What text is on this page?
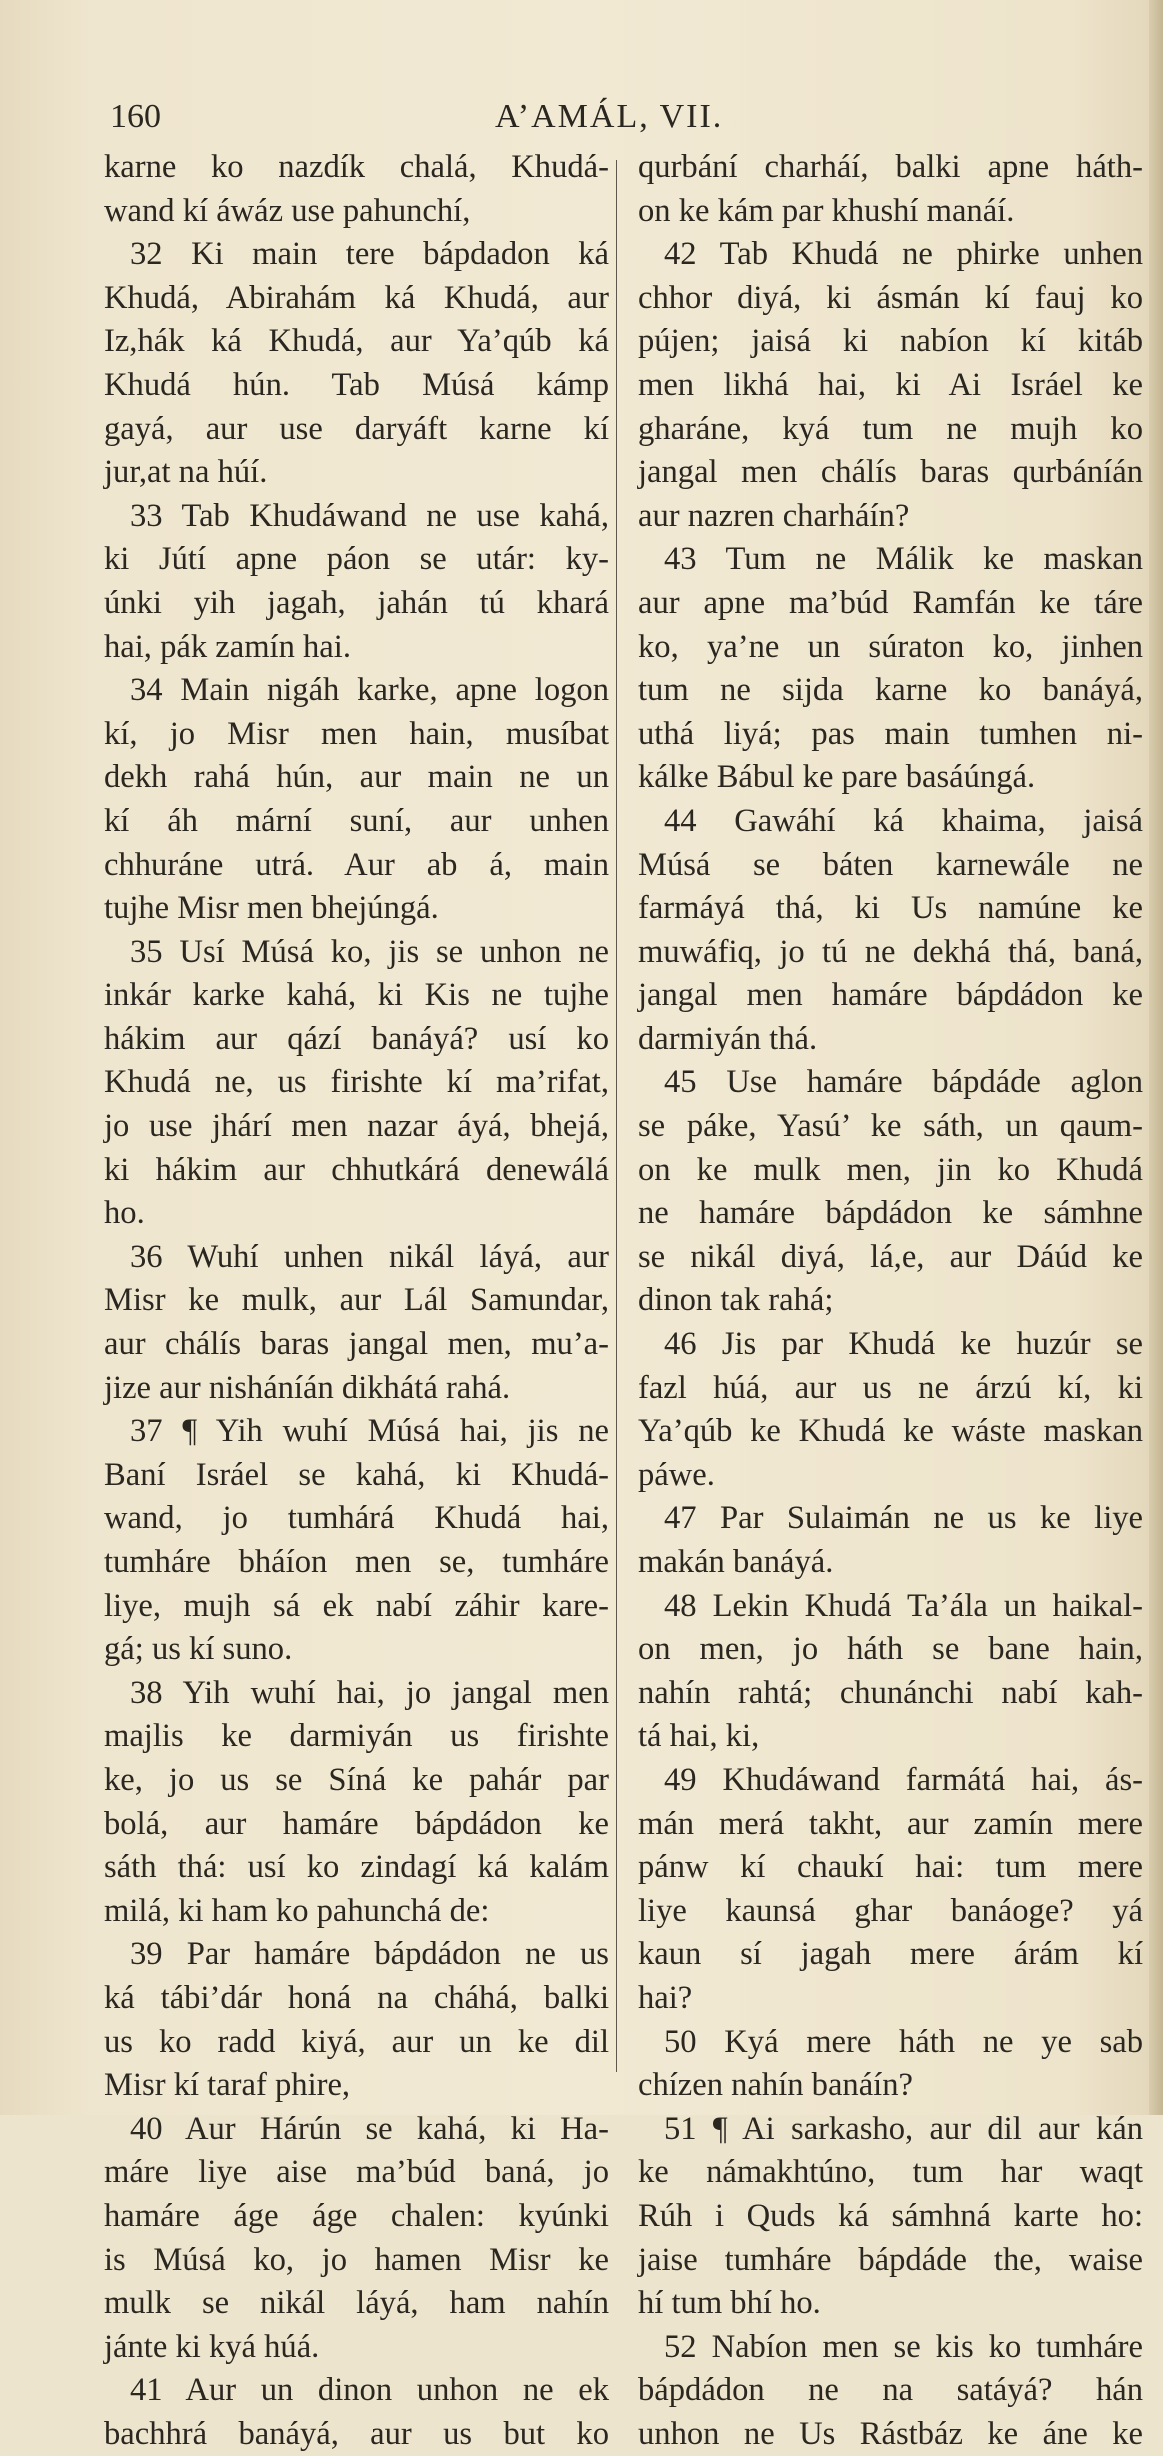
160	A’AMÁL, VII.
karne ko nazdík chalá, Khudá-
wand kí áwáz use pahunchí,
32 Ki main tere bápdadon ká
Khudá, Abirahám ká Khudá, aur
Iz,hák ká Khudá, aur Ya’qúb ká
Khudá hún. Tab Músá kámp
gayá, aur use daryáft karne kí
jur,at na húí.
33 Tab Khudáwand ne use kahá,
ki Jútí apne páon se utár: ky-
únki yih jagah, jahán tú khará
hai, pák zamín hai.
34 Main nigáh karke, apne logon
kí, jo Misr men hain, musíbat
dekh rahá hún, aur main ne un
kí áh mární suní, aur unhen
chhuráne utrá. Aur ab á, main
tujhe Misr men bhejúngá.
35 Usí Músá ko, jis se unhon ne
inkár karke kahá, ki Kis ne tujhe
hákim aur qází banáyá? usí ko
Khudá ne, us firishte kí ma’rifat,
jo use jhárí men nazar áyá, bhejá,
ki hákim aur chhutkárá denewálá
ho.
36 Wuhí unhen nikál láyá, aur
Misr ke mulk, aur Lál Samundar,
aur chálís baras jangal men, mu’a-
jize aur nisháníán dikhátá rahá.
37 ¶ Yih wuhí Músá hai, jis ne
Baní Isráel se kahá, ki Khudá-
wand, jo tumhárá Khudá hai,
tumháre bháíon men se, tumháre
liye, mujh sá ek nabí záhir kare-
gá; us kí suno.
38 Yih wuhí hai, jo jangal men
majlis ke darmiyán us firishte
ke, jo us se Síná ke pahár par
bolá, aur hamáre bápdádon ke
sáth thá: usí ko zindagí ká kalám
milá, ki ham ko pahunchá de:
39 Par hamáre bápdádon ne us
ká tábi’dár honá na cháhá, balki
us ko radd kiyá, aur un ke dil
Misr kí taraf phire,
40 Aur Hárún se kahá, ki Ha-
máre liye aise ma’búd baná, jo
hamáre áge áge chalen: kyúnki
is Músá ko, jo hamen Misr ke
mulk se nikál láyá, ham nahín
jánte ki kyá húá.
41 Aur un dinon unhon ne ek
bachhrá banáyá, aur us but ko
qurbání charháí, balki apne háth-
on ke kám par khushí manáí.
42 Tab Khudá ne phirke unhen
chhor diyá, ki ásmán kí fauj ko
pújen; jaisá ki nabíon kí kitáb
men likhá hai, ki Ai Isráel ke
gharáne, kyá tum ne mujh ko
jangal men chálís baras qurbáníán
aur nazren charháín?
43 Tum ne Málik ke maskan
aur apne ma’búd Ramfán ke táre
ko, ya’ne un súraton ko, jinhen
tum ne sijda karne ko banáyá,
uthá liyá; pas main tumhen ni-
kálke Bábul ke pare basáúngá.
44 Gawáhí ká khaima, jaisá
Músá se báten karnewále ne
farmáyá thá, ki Us namúne ke
muwáfiq, jo tú ne dekhá thá, baná,
jangal men hamáre bápdádon ke
darmiyán thá.
45 Use hamáre bápdáde aglon
se páke, Yasú’ ke sáth, un qaum-
on ke mulk men, jin ko Khudá
ne hamáre bápdádon ke sámhne
se nikál diyá, lá,e, aur Dáúd ke
dinon tak rahá;
46 Jis par Khudá ke huzúr se
fazl húá, aur us ne árzú kí, ki
Ya’qúb ke Khudá ke wáste maskan
páwe.
47 Par Sulaimán ne us ke liye
makán banáyá.
48 Lekin Khudá Ta’ála un haikal-
on men, jo háth se bane hain,
nahín rahtá; chunánchi nabí kah-
tá hai, ki,
49 Khudáwand farmátá hai, ás-
mán merá takht, aur zamín mere
pánw kí chaukí hai: tum mere
liye kaunsá ghar banáoge? yá
kaun sí jagah mere árám kí
hai?
50 Kyá mere háth ne ye sab
chízen nahín banáín?
51 ¶ Ai sarkasho, aur dil aur kán
ke námakhtúno, tum har waqt
Rúh i Quds ká sámhná karte ho:
jaise tumháre bápdáde the, waise
hí tum bhí ho.
52 Nabíon men se kis ko tumháre
bápdádon ne na satáyá? hán
unhon ne Us Rástbáz ke áne ke
